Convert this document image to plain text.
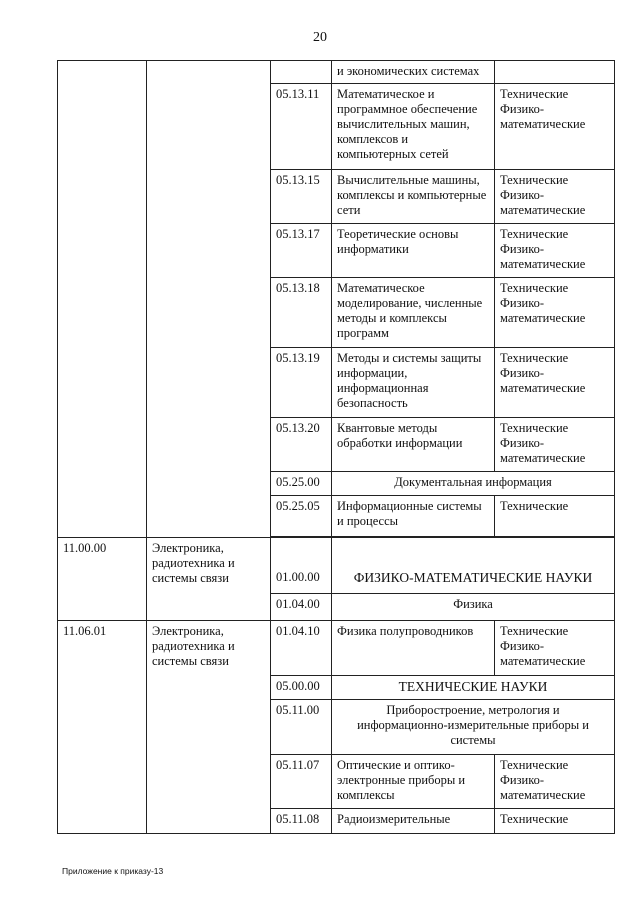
20
			и экономических системах	
		05.13.11	Математическое и программное обеспечение вычислительных машин, комплексов и компьютерных сетей	Технические Физико-математические
		05.13.15	Вычислительные машины, комплексы и компьютерные сети	Технические Физико-математические
		05.13.17	Теоретические основы информатики	Технические Физико-математические
		05.13.18	Математическое моделирование, численные методы и комплексы программ	Технические Физико-математические
		05.13.19	Методы и системы защиты информации, информационная безопасность	Технические Физико-математические
		05.13.20	Квантовые методы обработки информации	Технические Физико-математические
		05.25.00	Документальная информация	
		05.25.05	Информационные системы и процессы	Технические

11.00.00	Электроника, радиотехника и системы связи	01.00.00	ФИЗИКО-МАТЕМАТИЧЕСКИЕ НАУКИ	
		01.04.00	Физика	
11.06.01	Электроника, радиотехника и системы связи	01.04.10	Физика полупроводников	Технические Физико-математические
		05.00.00	ТЕХНИЧЕСКИЕ НАУКИ	
		05.11.00	Приборостроение, метрология и информационно-измерительные приборы и системы	
		05.11.07	Оптические и оптико-электронные приборы и комплексы	Технические Физико-математические
		05.11.08	Радиоизмерительные	Технические
Приложение к приказу-13
